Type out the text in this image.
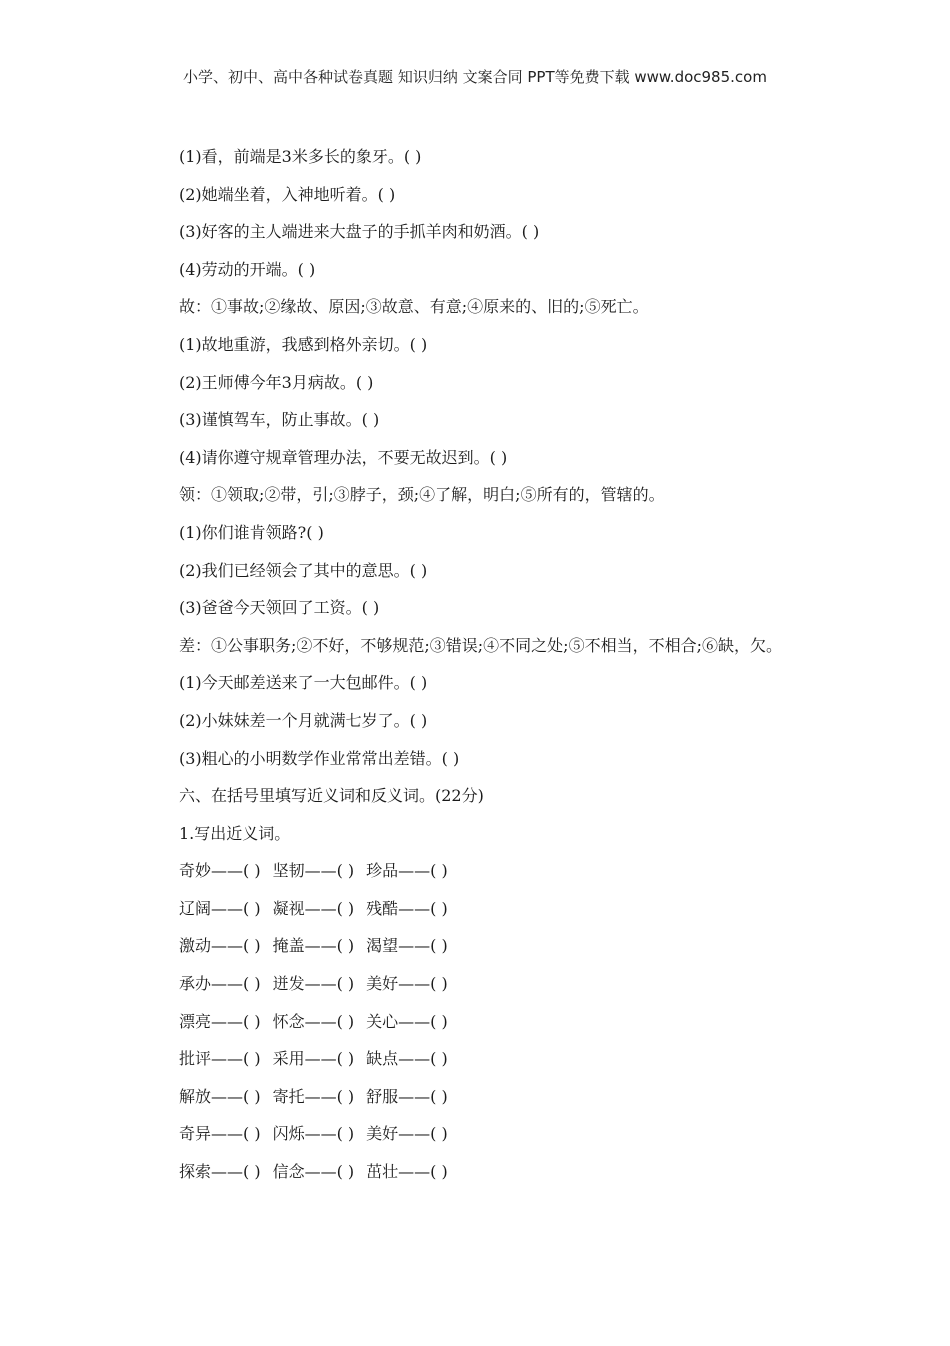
小学、初中、高中各种试卷真题 知识归纳 文案合同 PPT等免费下载 www.doc985.com
(1)看，前端是3米多长的象牙。( )
(2)她端坐着，入神地听着。( )
(3)好客的主人端进来大盘子的手抓羊肉和奶酒。( )
(4)劳动的开端。( )
故：①事故;②缘故、原因;③故意、有意;④原来的、旧的;⑤死亡。
(1)故地重游，我感到格外亲切。( )
(2)王师傅今年3月病故。( )
(3)谨慎驾车，防止事故。( )
(4)请你遵守规章管理办法，不要无故迟到。( )
领：①领取;②带，引;③脖子，颈;④了解，明白;⑤所有的，管辖的。
(1)你们谁肯领路?( )
(2)我们已经领会了其中的意思。( )
(3)爸爸今天领回了工资。( )
差：①公事职务;②不好，不够规范;③错误;④不同之处;⑤不相当，不相合;⑥缺，欠。
(1)今天邮差送来了一大包邮件。( )
(2)小妹妹差一个月就满七岁了。( )
(3)粗心的小明数学作业常常出差错。( )
六、在括号里填写近义词和反义词。(22分)
1.写出近义词。
奇妙——( ) 坚韧——( ) 珍品——( )
辽阔——( ) 凝视——( ) 残酷——( )
激动——( ) 掩盖——( ) 渴望——( )
承办——( ) 迸发——( ) 美好——( )
漂亮——( ) 怀念——( ) 关心——( )
批评——( ) 采用——( ) 缺点——( )
解放——( ) 寄托——( ) 舒服——( )
奇异——( ) 闪烁——( ) 美好——( )
探索——( ) 信念——( ) 茁壮——( )
